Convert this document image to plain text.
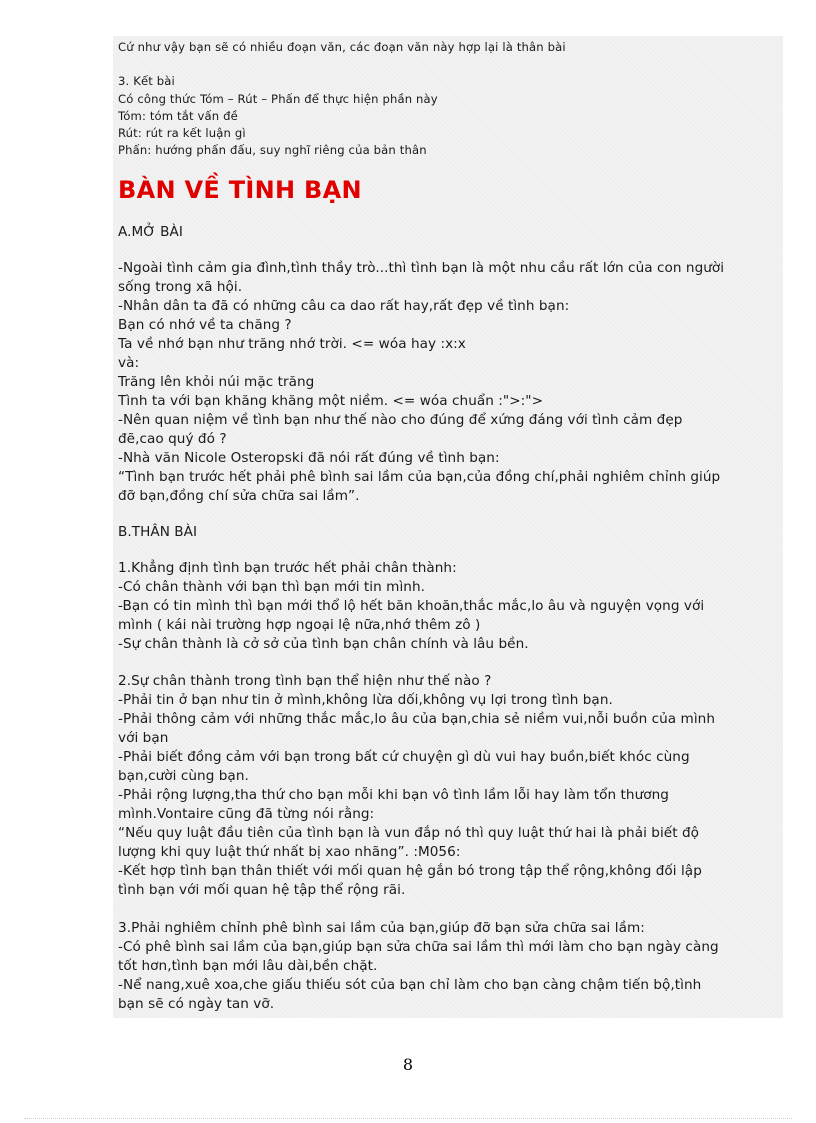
Cứ như vậy bạn sẽ có nhiều đoạn văn, các đoạn văn này hợp lại là thân bài
3. Kết bài
Có công thức Tóm – Rút – Phấn để thực hiện phần này
Tóm: tóm tắt vấn đề
Rút: rút ra kết luận gì
Phấn: hướng phấn đấu, suy nghĩ riêng của bản thân
BÀN VỀ TÌNH BẠN
A.MỞ BÀI
-Ngoài tình cảm gia đình,tình thầy trò...thì tình bạn là một nhu cầu rất lớn của con người
sống trong xã hội.
-Nhân dân ta đã có những câu ca dao rất hay,rất đẹp về tình bạn:
Bạn có nhớ về ta chăng ?
Ta về nhớ bạn như trăng nhớ trời. <= wóa hay :x:x
và:
Trăng lên khỏi núi mặc trăng
Tình ta với bạn khăng khăng một niềm. <= wóa chuẩn :">:">
-Nên quan niệm về tình bạn như thế nào cho đúng để xứng đáng với tình cảm đẹp
đẽ,cao quý đó ?
-Nhà văn Nicole Osteropski đã nói rất đúng về tình bạn:
“Tình bạn trước hết phải phê bình sai lầm của bạn,của đồng chí,phải nghiêm chỉnh giúp
đỡ bạn,đồng chí sửa chữa sai lầm”.
B.THÂN BÀI
1.Khẳng định tình bạn trước hết phải chân thành:
-Có chân thành với bạn thì bạn mới tin mình.
-Bạn có tin mình thì bạn mới thổ lộ hết băn khoăn,thắc mắc,lo âu và nguyện vọng với
mình ( kái nài trường hợp ngoại lệ nữa,nhớ thêm zô )
-Sự chân thành là cở sở của tình bạn chân chính và lâu bền.
2.Sự chân thành trong tình bạn thể hiện như thế nào ?
-Phải tin ở bạn như tin ở mình,không lừa dối,không vụ lợi trong tình bạn.
-Phải thông cảm với những thắc mắc,lo âu của bạn,chia sẻ niềm vui,nỗi buồn của mình
với bạn
-Phải biết đồng cảm với bạn trong bất cứ chuyện gì dù vui hay buồn,biết khóc cùng
bạn,cười cùng bạn.
-Phải rộng lượng,tha thứ cho bạn mỗi khi bạn vô tình lầm lỗi hay làm tổn thương
mình.Vontaire cũng đã từng nói rằng:
“Nếu quy luật đầu tiên của tình bạn là vun đắp nó thì quy luật thứ hai là phải biết độ
lượng khi quy luật thứ nhất bị xao nhãng”. :M056:
-Kết hợp tình bạn thân thiết với mối quan hệ gắn bó trong tập thể rộng,không đối lập
tình bạn với mối quan hệ tập thể rộng rãi.
3.Phải nghiêm chỉnh phê bình sai lầm của bạn,giúp đỡ bạn sửa chữa sai lầm:
-Có phê bình sai lầm của bạn,giúp bạn sửa chữa sai lầm thì mới làm cho bạn ngày càng
tốt hơn,tình bạn mới lâu dài,bền chặt.
-Nể nang,xuê xoa,che giấu thiếu sót của bạn chỉ làm cho bạn càng chậm tiến bộ,tình
bạn sẽ có ngày tan vỡ.
8
